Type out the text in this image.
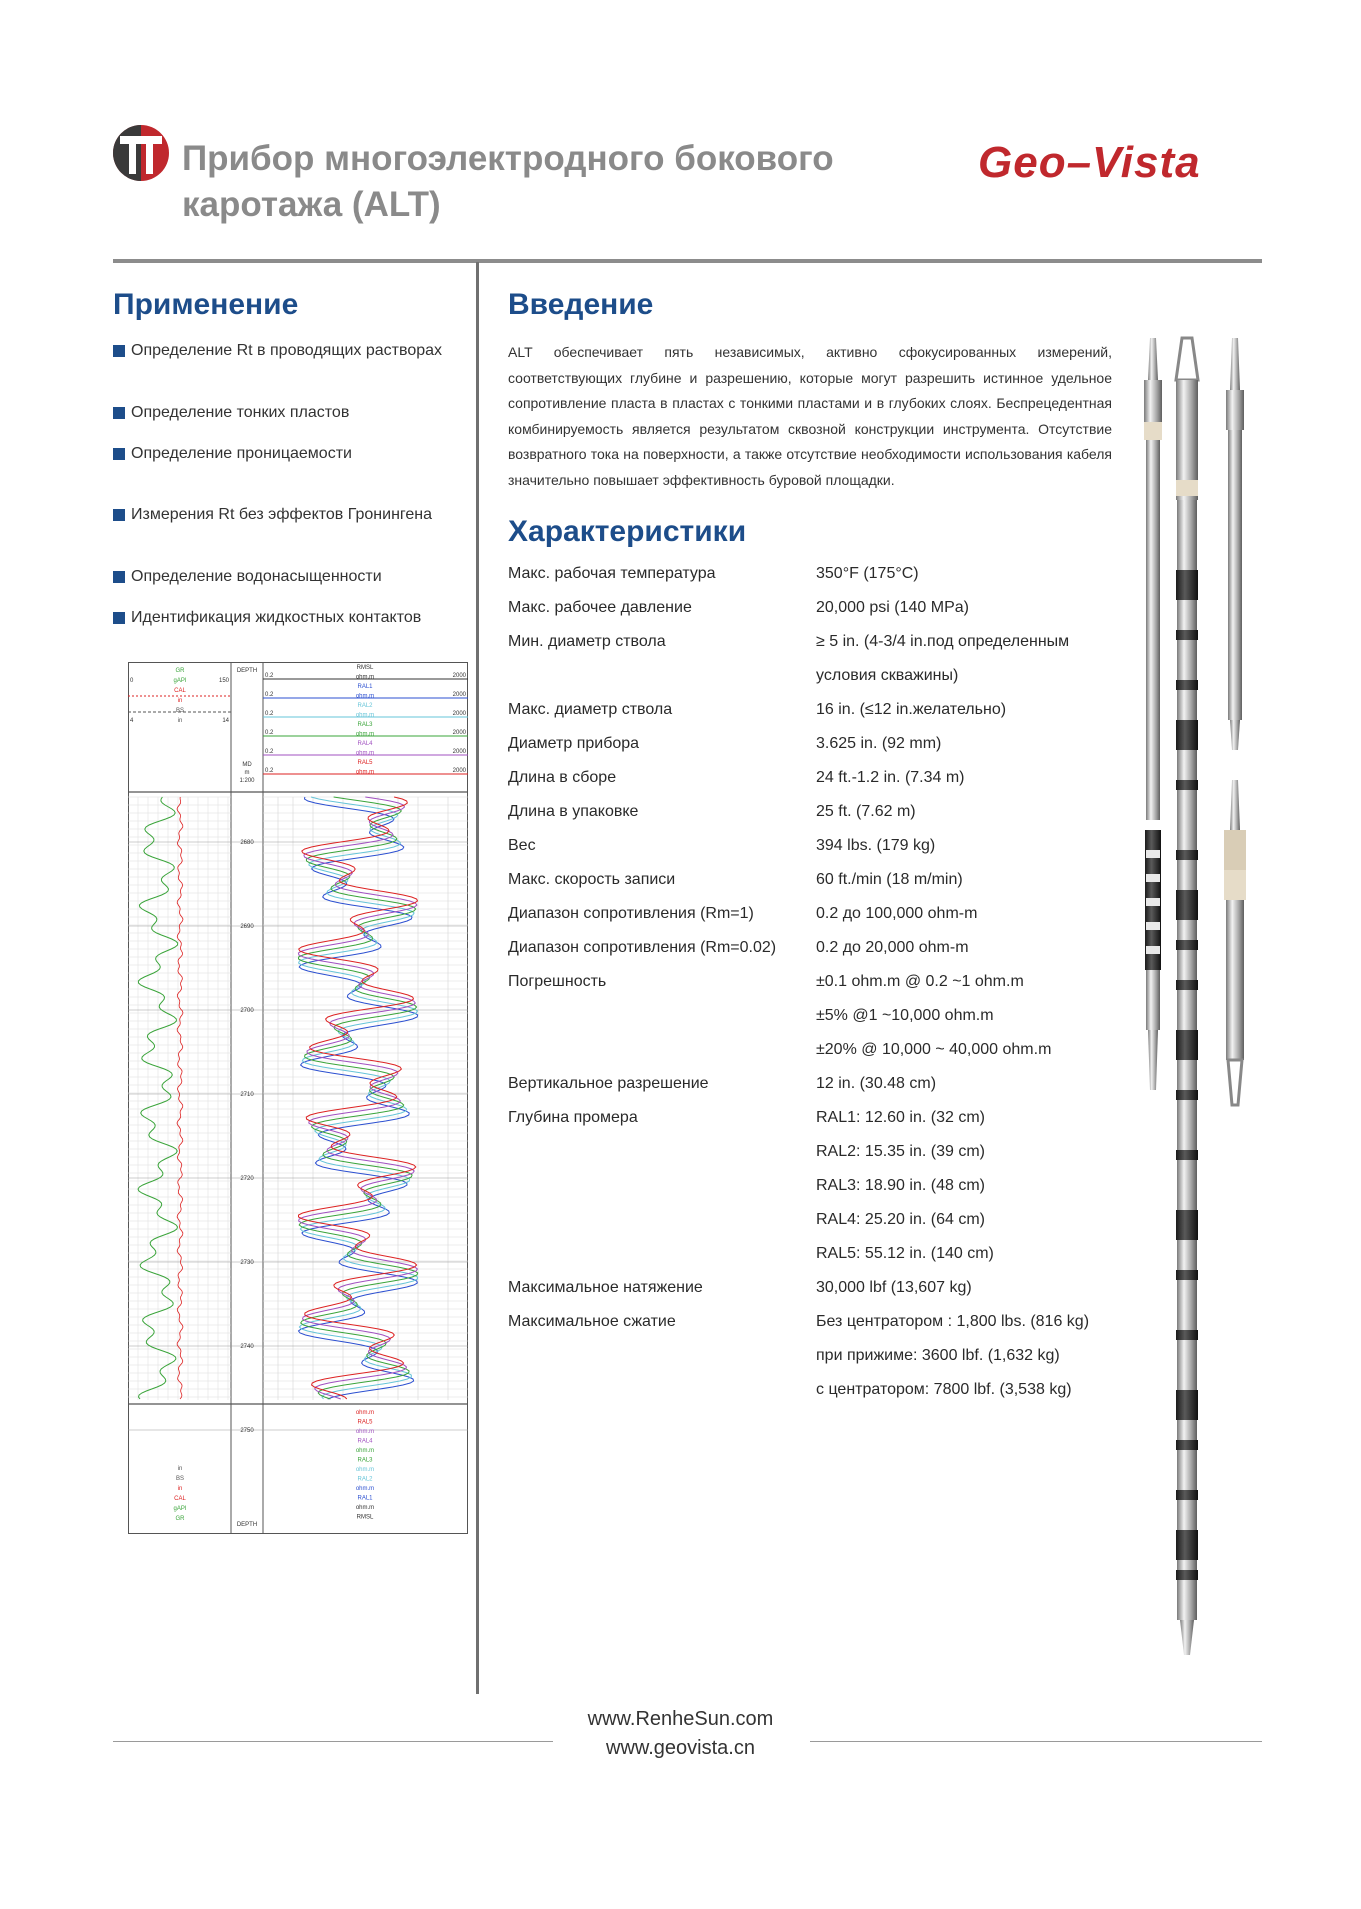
Прибор многоэлектродного бокового
каротажа (ALT)
Geo–Vista
Применение
Определение Rt в проводящих растворах
Определение тонких пластов
Определение проницаемости
Измерения Rt без эффектов Гронингена
Определение водонасыщенности
Идентификация жидкостных контактов
2680
2690
2700
2710
2720
2730
2740
2750
GR
gAPI
CAL
in
BS
in
0	150
4	14
DEPTH
MD
m
1:200
RMSL
ohm.m
RAL1
ohm.m
RAL2
ohm.m
RAL3
ohm.m
RAL4
ohm.m
RAL5
ohm.m
0.2	2000
0.2	2000
0.2	2000
0.2	2000
0.2	2000
0.2	2000
ohm.m
RAL5
ohm.m
RAL4
ohm.m
RAL3
ohm.m
RAL2
ohm.m
RAL1
ohm.m
RMSL
in
BS
in
CAL
gAPI
GR
DEPTH
Введение
ALT обеспечивает пять независимых, активно сфокусированных измерений, соответствующих глубине и разрешению, которые могут разрешить истинное удельное сопротивление пласта в пластах с тонкими пластами и в глубоких слоях. Беспрецедентная комбинируемость является результатом сквозной конструкции инструмента. Отсутствие возвратного тока на поверхности, а также отсутствие необходимости использования кабеля значительно повышает эффективность буровой площадки.
Характеристики
Макс. рабочая температура	350°F (175°C)
Макс. рабочее давление	20,000 psi (140 MPa)
Мин. диаметр ствола	≥ 5 in. (4-3/4 in.под определенным
условия скважины)
Макс. диаметр ствола	16 in. (≤12 in.желательно)
Диаметр прибора	3.625 in. (92 mm)
Длина в сборе	24 ft.-1.2 in. (7.34 m)
Длина в упаковке	25 ft. (7.62 m)
Вес	394 lbs. (179 kg)
Макс. скорость записи	60 ft./min (18 m/min)
Диапазон сопротивления (Rm=1)	0.2 до 100,000 ohm-m
Диапазон сопротивления (Rm=0.02) 0.2 до 20,000 ohm-m
Погрешность	±0.1 ohm.m @ 0.2 ~1 ohm.m
±5% @1 ~10,000 ohm.m
±20% @ 10,000 ~ 40,000 ohm.m
Вертикальное разрешение	12 in. (30.48 cm)
Глубина промера	RAL1: 12.60 in. (32 cm)
RAL2: 15.35 in. (39 cm)
RAL3: 18.90 in. (48 cm)
RAL4: 25.20 in. (64 cm)
RAL5: 55.12 in. (140 cm)
Максимальное натяжение	30,000 lbf (13,607 kg)
Максимальное сжатие	Без центратором : 1,800 lbs. (816 kg)
при прижиме: 3600 lbf. (1,632 kg)
с центратором: 7800 lbf. (3,538 kg)
www.RenheSun.com
www.geovista.cn
